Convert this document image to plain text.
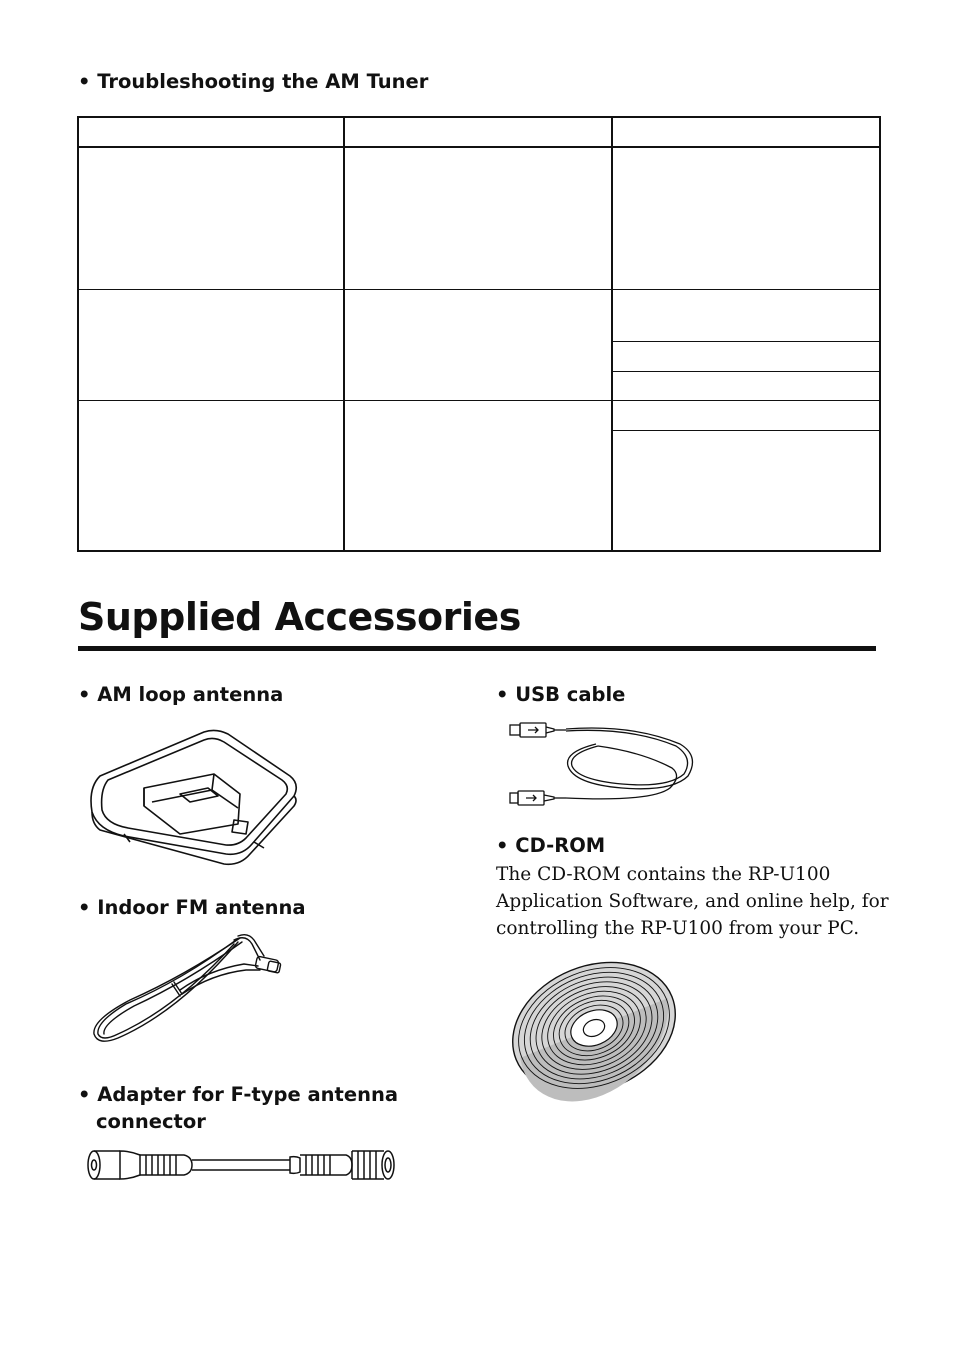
• Troubleshooting the AM Tuner
Supplied Accessories
• AM loop antenna
• Indoor FM antenna
• Adapter for F-type antenna
connector
• USB cable
• CD-ROM
The CD-ROM contains the RP-U100
Application Software, and online help, for
controlling the RP-U100 from your PC.
